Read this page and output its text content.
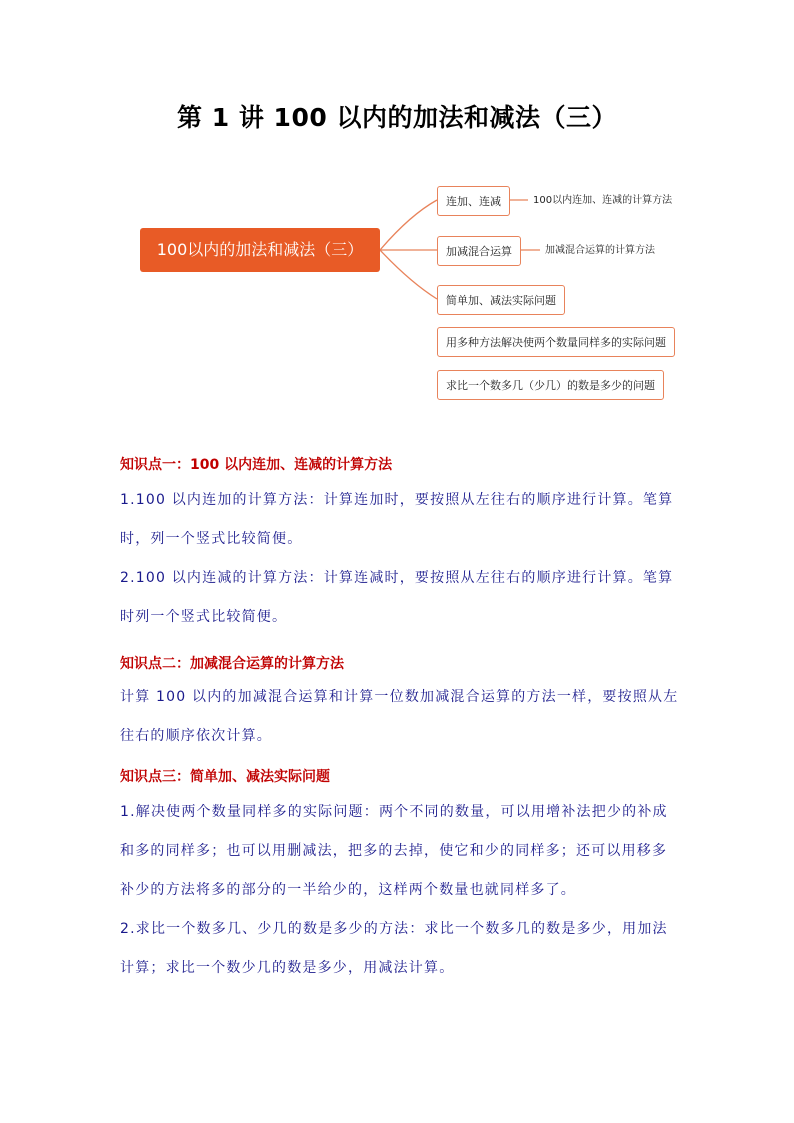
第 1 讲 100 以内的加法和减法（三）
100以内的加法和减法（三）
连加、连减	100以内连加、连减的计算方法
加减混合运算	加减混合运算的计算方法
简单加、减法实际问题
用多种方法解决使两个数量同样多的实际问题
求比一个数多几（少几）的数是多少的问题
知识点一：100 以内连加、连减的计算方法
1.100 以内连加的计算方法：计算连加时，要按照从左往右的顺序进行计算。笔算时，列一个竖式比较简便。
2.100 以内连减的计算方法：计算连减时，要按照从左往右的顺序进行计算。笔算时列一个竖式比较简便。
知识点二：加减混合运算的计算方法
计算 100 以内的加减混合运算和计算一位数加减混合运算的方法一样，要按照从左往右的顺序依次计算。
知识点三：简单加、减法实际问题
1.解决使两个数量同样多的实际问题：两个不同的数量，可以用增补法把少的补成和多的同样多；也可以用删减法，把多的去掉，使它和少的同样多；还可以用移多补少的方法将多的部分的一半给少的，这样两个数量也就同样多了。
2.求比一个数多几、少几的数是多少的方法：求比一个数多几的数是多少，用加法计算；求比一个数少几的数是多少，用减法计算。
